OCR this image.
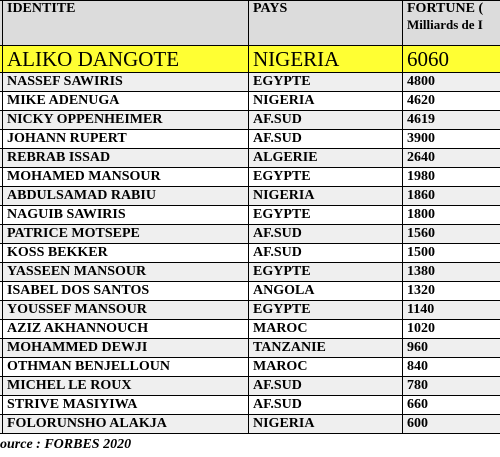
	IDENTITE	PAYS	FORTUNE (
Milliards de I

	ALIKO DANGOTE	NIGERIA	6060
	NASSEF SAWIRIS	EGYPTE	4800
	MIKE ADENUGA	NIGERIA	4620
	NICKY OPPENHEIMER	AF.SUD	4619
	JOHANN RUPERT	AF.SUD	3900
	REBRAB ISSAD	ALGERIE	2640
	MOHAMED MANSOUR	EGYPTE	1980
	ABDULSAMAD RABIU	NIGERIA	1860
	NAGUIB SAWIRIS	EGYPTE	1800
	PATRICE MOTSEPE	AF.SUD	1560
	KOSS BEKKER	AF.SUD	1500
	YASSEEN MANSOUR	EGYPTE	1380
	ISABEL DOS SANTOS	ANGOLA	1320
	YOUSSEF MANSOUR	EGYPTE	1140
	AZIZ AKHANNOUCH	MAROC	1020
	MOHAMMED DEWJI	TANZANIE	960
	OTHMAN BENJELLOUN	MAROC	840
	MICHEL LE ROUX	AF.SUD	780
	STRIVE MASIYIWA	AF.SUD	660
	FOLORUNSHO ALAKJA	NIGERIA	600
ource : FORBES 2020
